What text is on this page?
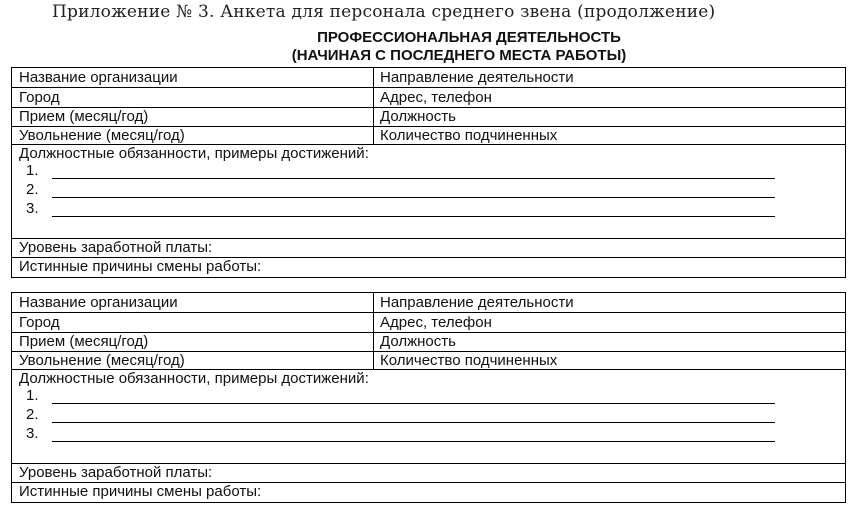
Приложение № 3. Анкета для персонала среднего звена (продолжение)
ПРОФЕССИОНАЛЬНАЯ ДЕЯТЕЛЬНОСТЬ
(НАЧИНАЯ С ПОСЛЕДНЕГО МЕСТА РАБОТЫ)
Название организации	Направление деятельности
Город	Адрес, телефон
Прием (месяц/год)	Должность
Увольнение (месяц/год)	Количество подчиненных
Должностные обязанности, примеры достижений:
1.
2.
3.
Уровень заработной платы:
Истинные причины смены работы:
Название организации	Направление деятельности
Город	Адрес, телефон
Прием (месяц/год)	Должность
Увольнение (месяц/год)	Количество подчиненных
Должностные обязанности, примеры достижений:
1.
2.
3.
Уровень заработной платы:
Истинные причины смены работы:
